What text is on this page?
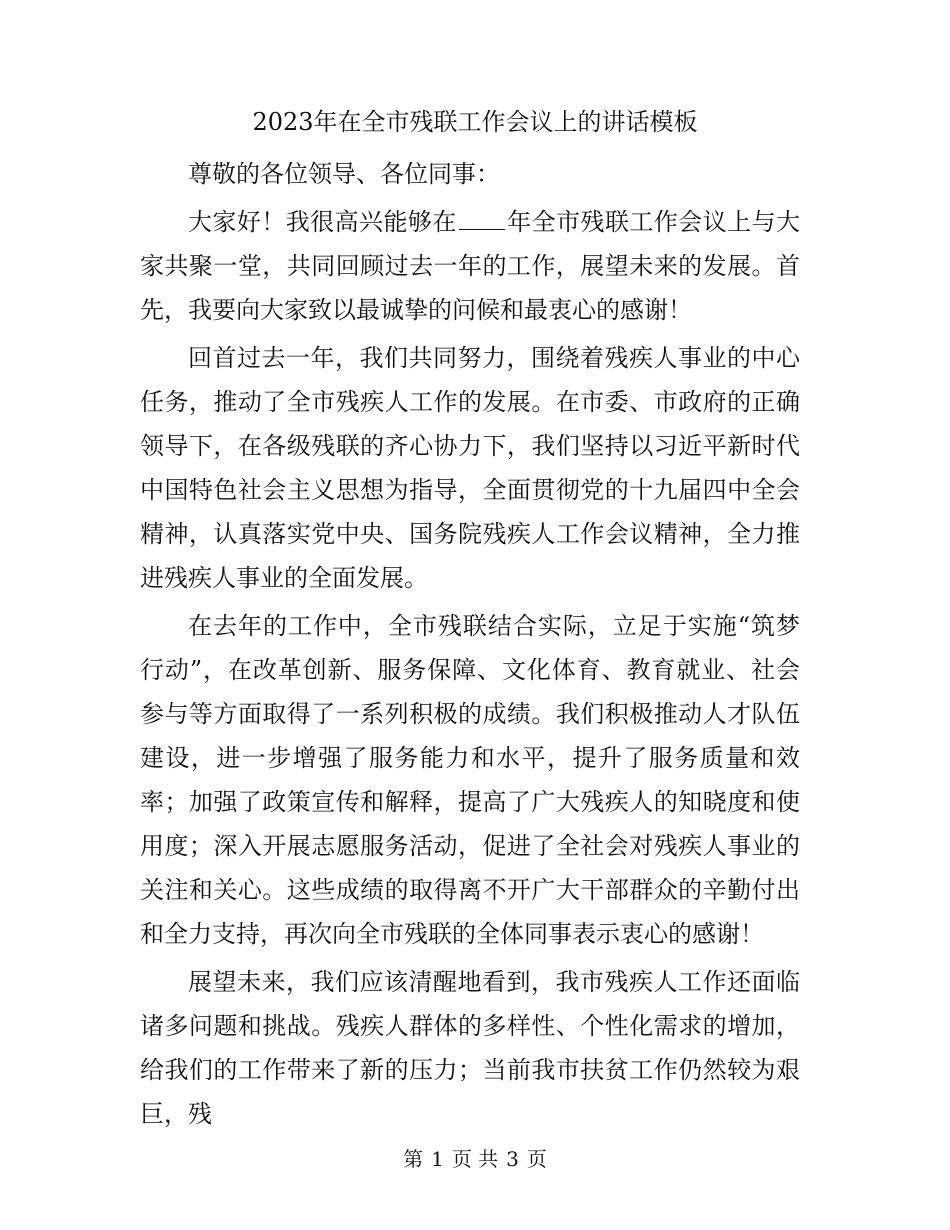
2023年在全市残联工作会议上的讲话模板

尊敬的各位领导、各位同事：

大家好！我很高兴能够在 年全市残联工作会议上与大家共聚一堂，共同回顾过去一年的工作，展望未来的发展。首先，我要向大家致以最诚挚的问候和最衷心的感谢！

回首过去一年，我们共同努力，围绕着残疾人事业的中心任务，推动了全市残疾人工作的发展。在市委、市政府的正确领导下，在各级残联的齐心协力下，我们坚持以习近平新时代中国特色社会主义思想为指导，全面贯彻党的十九届四中全会精神，认真落实党中央、国务院残疾人工作会议精神，全力推进残疾人事业的全面发展。

在去年的工作中，全市残联结合实际，立足于实施“筑梦行动”，在改革创新、服务保障、文化体育、教育就业、社会参与等方面取得了一系列积极的成绩。我们积极推动人才队伍建设，进一步增强了服务能力和水平，提升了服务质量和效率；加强了政策宣传和解释，提高了广大残疾人的知晓度和使用度；深入开展志愿服务活动，促进了全社会对残疾人事业的关注和关心。这些成绩的取得离不开广大干部群众的辛勤付出和全力支持，再次向全市残联的全体同事表示衷心的感谢！

展望未来，我们应该清醒地看到，我市残疾人工作还面临诸多问题和挑战。残疾人群体的多样性、个性化需求的增加，给我们的工作带来了新的压力；当前我市扶贫工作仍然较为艰巨，残

第 1 页 共 3 页
